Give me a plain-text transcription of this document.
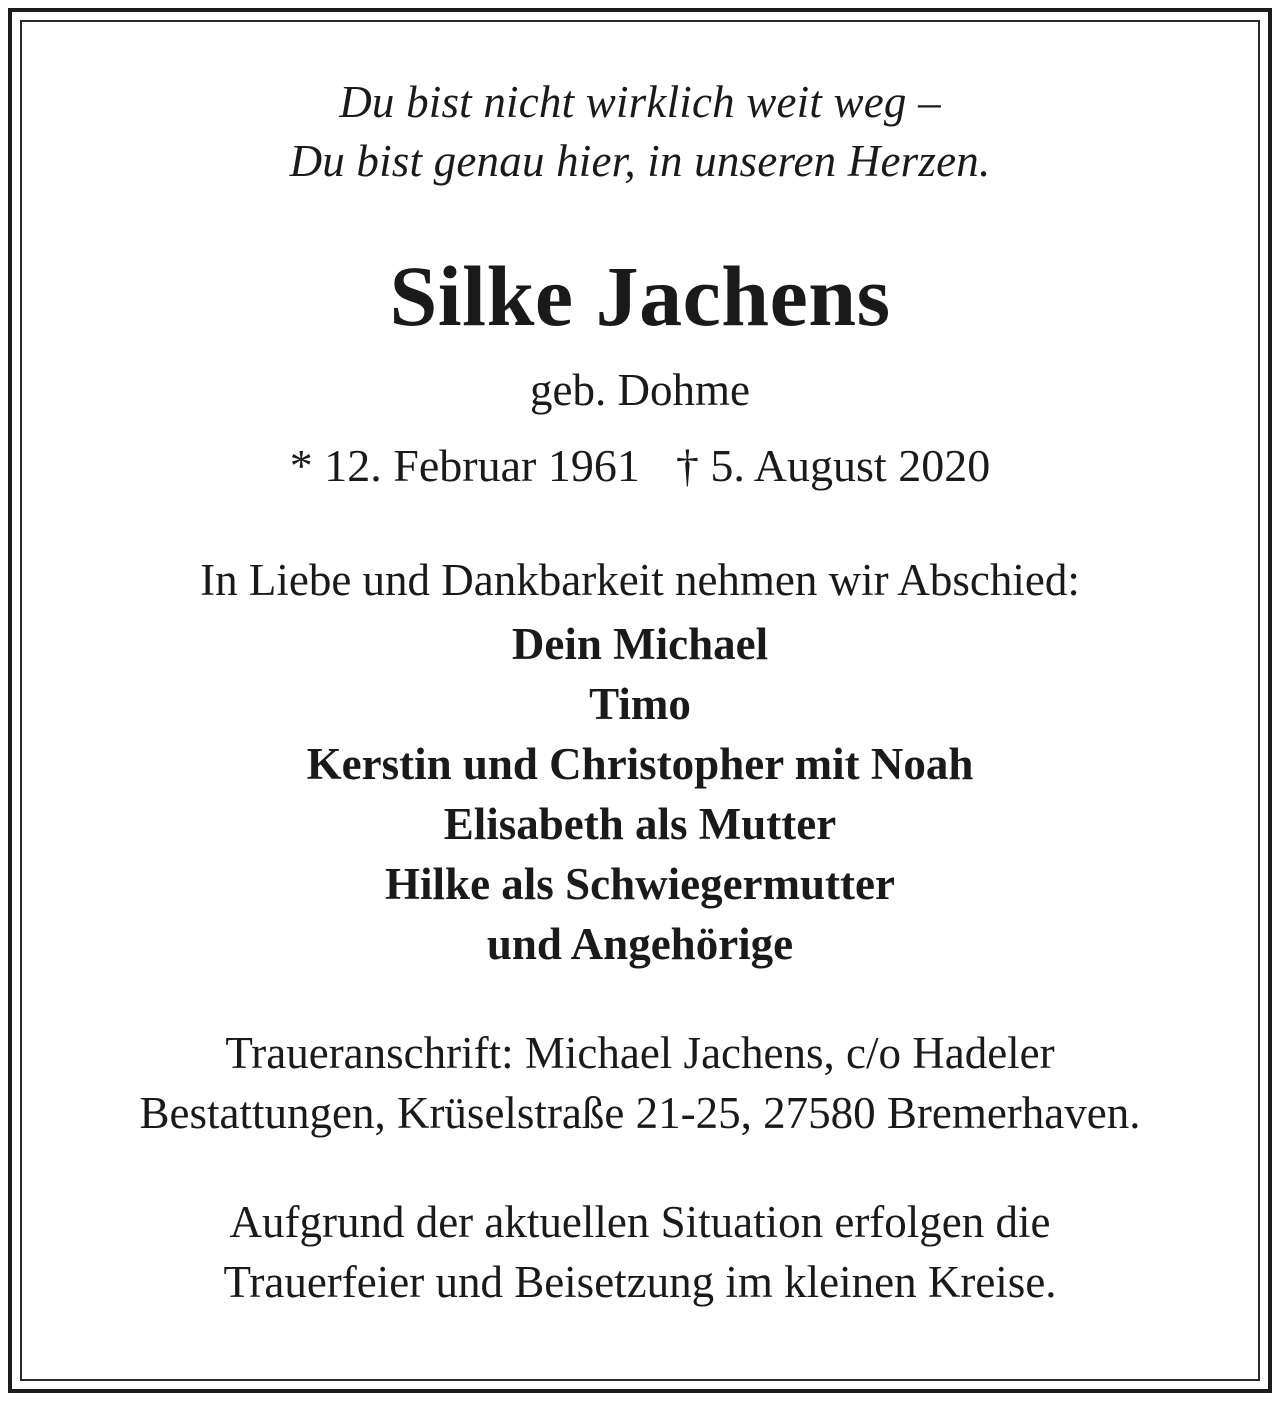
Du bist nicht wirklich weit weg –
Du bist genau hier, in unseren Herzen.
Silke Jachens
geb. Dohme
* 12. Februar 1961 † 5. August 2020
In Liebe und Dankbarkeit nehmen wir Abschied:
Dein Michael
Timo
Kerstin und Christopher mit Noah
Elisabeth als Mutter
Hilke als Schwiegermutter
und Angehörige
Traueranschrift: Michael Jachens, c/o Hadeler
Bestattungen, Krüselstraße 21-25, 27580 Bremerhaven.
Aufgrund der aktuellen Situation erfolgen die
Trauerfeier und Beisetzung im kleinen Kreise.
